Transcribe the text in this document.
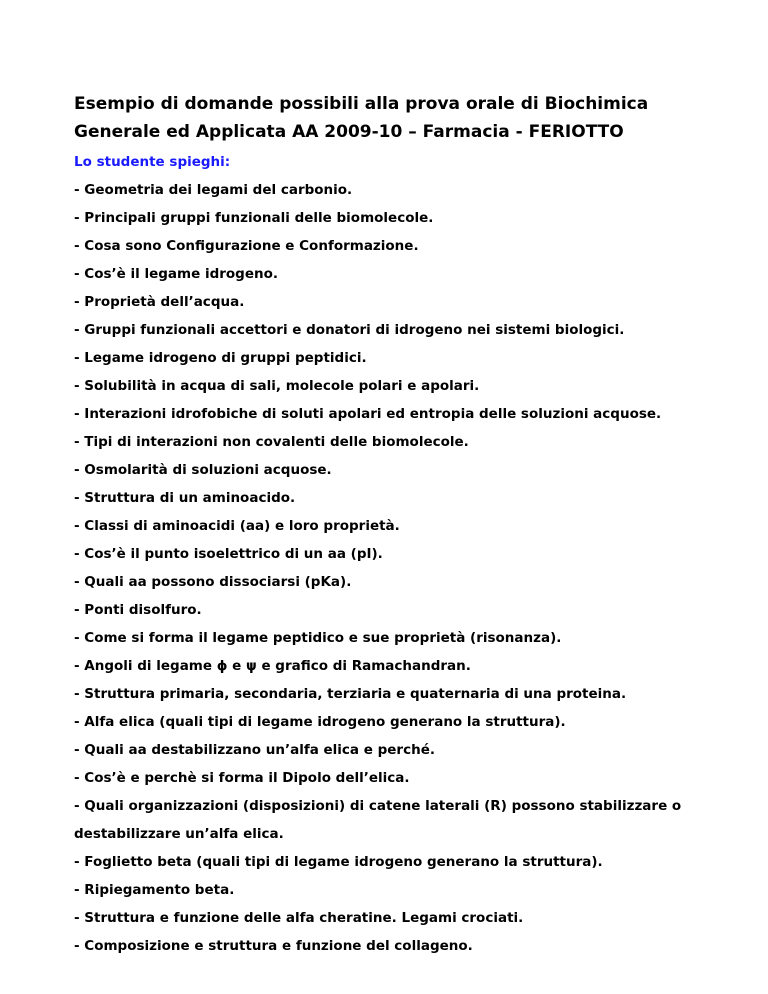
Esempio di domande possibili alla prova orale di Biochimica

Generale ed Applicata AA 2009-10 – Farmacia - FERIOTTO

Lo studente spieghi:

- Geometria dei legami del carbonio.
- Principali gruppi funzionali delle biomolecole.
- Cosa sono Configurazione e Conformazione.
- Cos’è il legame idrogeno.
- Proprietà dell’acqua.
- Gruppi funzionali accettori e donatori di idrogeno nei sistemi biologici.
- Legame idrogeno di gruppi peptidici.
- Solubilità in acqua di sali, molecole polari e apolari.
- Interazioni idrofobiche di soluti apolari ed entropia delle soluzioni acquose.
- Tipi di interazioni non covalenti delle biomolecole.
- Osmolarità di soluzioni acquose.
- Struttura di un aminoacido.
- Classi di aminoacidi (aa) e loro proprietà.
- Cos’è il punto isoelettrico di un aa (pI).
- Quali aa possono dissociarsi (pKa).
- Ponti disolfuro.
- Come si forma il legame peptidico e sue proprietà (risonanza).
- Angoli di legame ϕ e ψ e grafico di Ramachandran.
- Struttura primaria, secondaria, terziaria e quaternaria di una proteina.
- Alfa elica (quali tipi di legame idrogeno generano la struttura).
- Quali aa destabilizzano un’alfa elica e perché.
- Cos’è e perchè si forma il Dipolo dell’elica.
- Quali organizzazioni (disposizioni) di catene laterali (R) possono stabilizzare o destabilizzare un’alfa elica.
- Foglietto beta (quali tipi di legame idrogeno generano la struttura).
- Ripiegamento beta.
- Struttura e funzione delle alfa cheratine. Legami crociati.
- Composizione e struttura e funzione del collageno.
